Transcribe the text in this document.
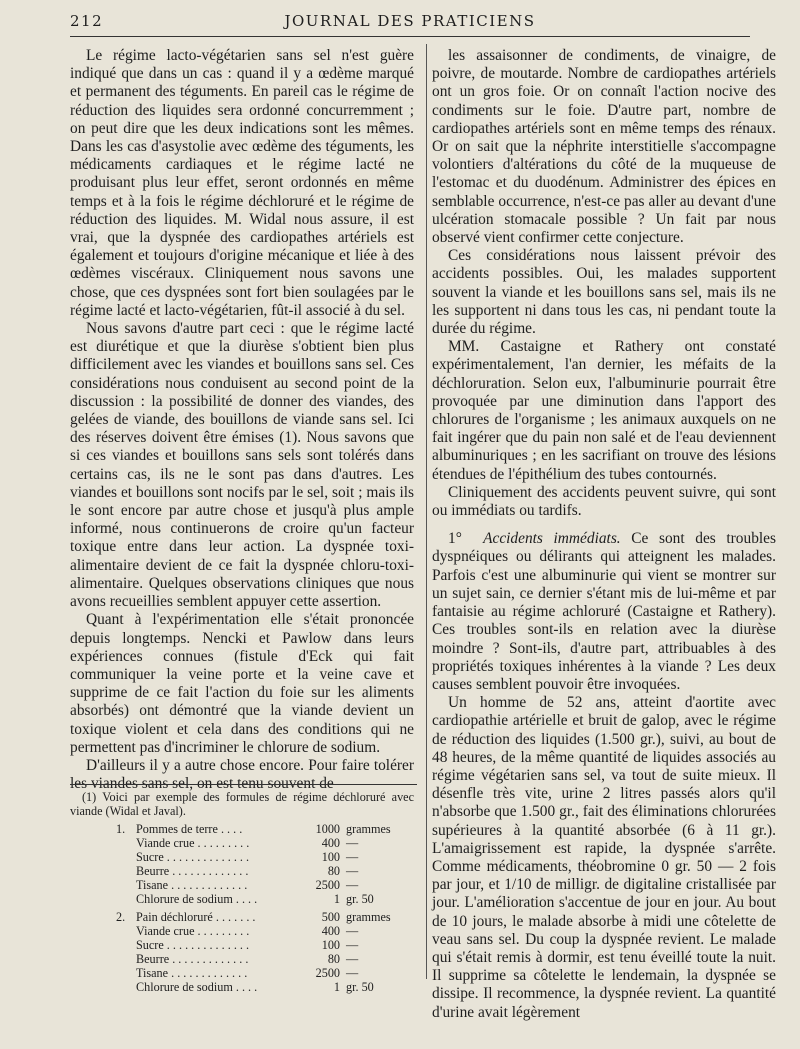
212	JOURNAL DES PRATICIENS

Le régime lacto-végétarien sans sel n'est guère indiqué que dans un cas : quand il y a œdème marqué et permanent des téguments. En pareil cas le régime de réduction des liquides sera ordonné concurremment ; on peut dire que les deux indications sont les mêmes. Dans les cas d'asystolie avec œdème des téguments, les médicaments cardiaques et le régime lacté ne produisant plus leur effet, seront ordonnés en même temps et à la fois le régime déchloruré et le régime de réduction des liquides. M. Widal nous assure, il est vrai, que la dyspnée des cardiopathes artériels est également et toujours d'origine mécanique et liée à des œdèmes viscéraux. Cliniquement nous savons une chose, que ces dyspnées sont fort bien soulagées par le régime lacté et lacto-végétarien, fût-il associé à du sel.

Nous savons d'autre part ceci : que le régime lacté est diurétique et que la diurèse s'obtient bien plus difficilement avec les viandes et bouillons sans sel. Ces considérations nous conduisent au second point de la discussion : la possibilité de donner des viandes, des gelées de viande, des bouillons de viande sans sel. Ici des réserves doivent être émises (1). Nous savons que si ces viandes et bouillons sans sels sont tolérés dans certains cas, ils ne le sont pas dans d'autres. Les viandes et bouillons sont nocifs par le sel, soit ; mais ils le sont encore par autre chose et jusqu'à plus ample informé, nous continuerons de croire qu'un facteur toxique entre dans leur action. La dyspnée toxi-alimentaire devient de ce fait la dyspnée chloru-toxi-alimentaire. Quelques observations cliniques que nous avons recueillies semblent appuyer cette assertion.

Quant à l'expérimentation elle s'était prononcée depuis longtemps. Nencki et Pawlow dans leurs expériences connues (fistule d'Eck qui fait communiquer la veine porte et la veine cave et supprime de ce fait l'action du foie sur les aliments absorbés) ont démontré que la viande devient un toxique violent et cela dans des conditions qui ne permettent pas d'incriminer le chlorure de sodium.

D'ailleurs il y a autre chose encore. Pour faire tolérer les viandes sans sel, on est tenu souvent de

(1) Voici par exemple des formules de régime déchloruré avec viande (Widal et Javal).

1. Pommes de terre . . . .	1000 grammes
Viande crue . . . . . . . . .	400 —
Sucre . . . . . . . . . . . . . .	100 —
Beurre . . . . . . . . . . . . .	80 —
Tisane . . . . . . . . . . . . .	2500 —
Chlorure de sodium . . . .	1 gr. 50
2. Pain déchloruré . . . . . . .	500 grammes
Viande crue . . . . . . . . .	400 —
Sucre . . . . . . . . . . . . . .	100 —
Beurre . . . . . . . . . . . . .	80 —
Tisane . . . . . . . . . . . . .	2500 —
Chlorure de sodium . . . .	1 gr. 50

les assaisonner de condiments, de vinaigre, de poivre, de moutarde. Nombre de cardiopathes artériels ont un gros foie. Or on connaît l'action nocive des condiments sur le foie. D'autre part, nombre de cardiopathes artériels sont en même temps des rénaux. Or on sait que la néphrite interstitielle s'accompagne volontiers d'altérations du côté de la muqueuse de l'estomac et du duodénum. Administrer des épices en semblable occurrence, n'est-ce pas aller au devant d'une ulcération stomacale possible ? Un fait par nous observé vient confirmer cette conjecture.

Ces considérations nous laissent prévoir des accidents possibles. Oui, les malades supportent souvent la viande et les bouillons sans sel, mais ils ne les supportent ni dans tous les cas, ni pendant toute la durée du régime.

MM. Castaigne et Rathery ont constaté expérimentalement, l'an dernier, les méfaits de la déchloruration. Selon eux, l'albuminurie pourrait être provoquée par une diminution dans l'apport des chlorures de l'organisme ; les animaux auxquels on ne fait ingérer que du pain non salé et de l'eau deviennent albuminuriques ; en les sacrifiant on trouve des lésions étendues de l'épithélium des tubes contournés.

Cliniquement des accidents peuvent suivre, qui sont ou immédiats ou tardifs.

1° Accidents immédiats. Ce sont des troubles dyspnéiques ou délirants qui atteignent les malades. Parfois c'est une albuminurie qui vient se montrer sur un sujet sain, ce dernier s'étant mis de lui-même et par fantaisie au régime achloruré (Castaigne et Rathery). Ces troubles sont-ils en relation avec la diurèse moindre ? Sont-ils, d'autre part, attribuables à des propriétés toxiques inhérentes à la viande ? Les deux causes semblent pouvoir être invoquées.

Un homme de 52 ans, atteint d'aortite avec cardiopathie artérielle et bruit de galop, avec le régime de réduction des liquides (1.500 gr.), suivi, au bout de 48 heures, de la même quantité de liquides associés au régime végétarien sans sel, va tout de suite mieux. Il désenfle très vite, urine 2 litres passés alors qu'il n'absorbe que 1.500 gr., fait des éliminations chlorurées supérieures à la quantité absorbée (6 à 11 gr.). L'amaigrissement est rapide, la dyspnée s'arrête. Comme médicaments, théobromine 0 gr. 50 — 2 fois par jour, et 1/10 de milligr. de digitaline cristallisée par jour. L'amélioration s'accentue de jour en jour. Au bout de 10 jours, le malade absorbe à midi une côtelette de veau sans sel. Du coup la dyspnée revient. Le malade qui s'était remis à dormir, est tenu éveillé toute la nuit. Il supprime sa côtelette le lendemain, la dyspnée se dissipe. Il recommence, la dyspnée revient. La quantité d'urine avait légèrement
